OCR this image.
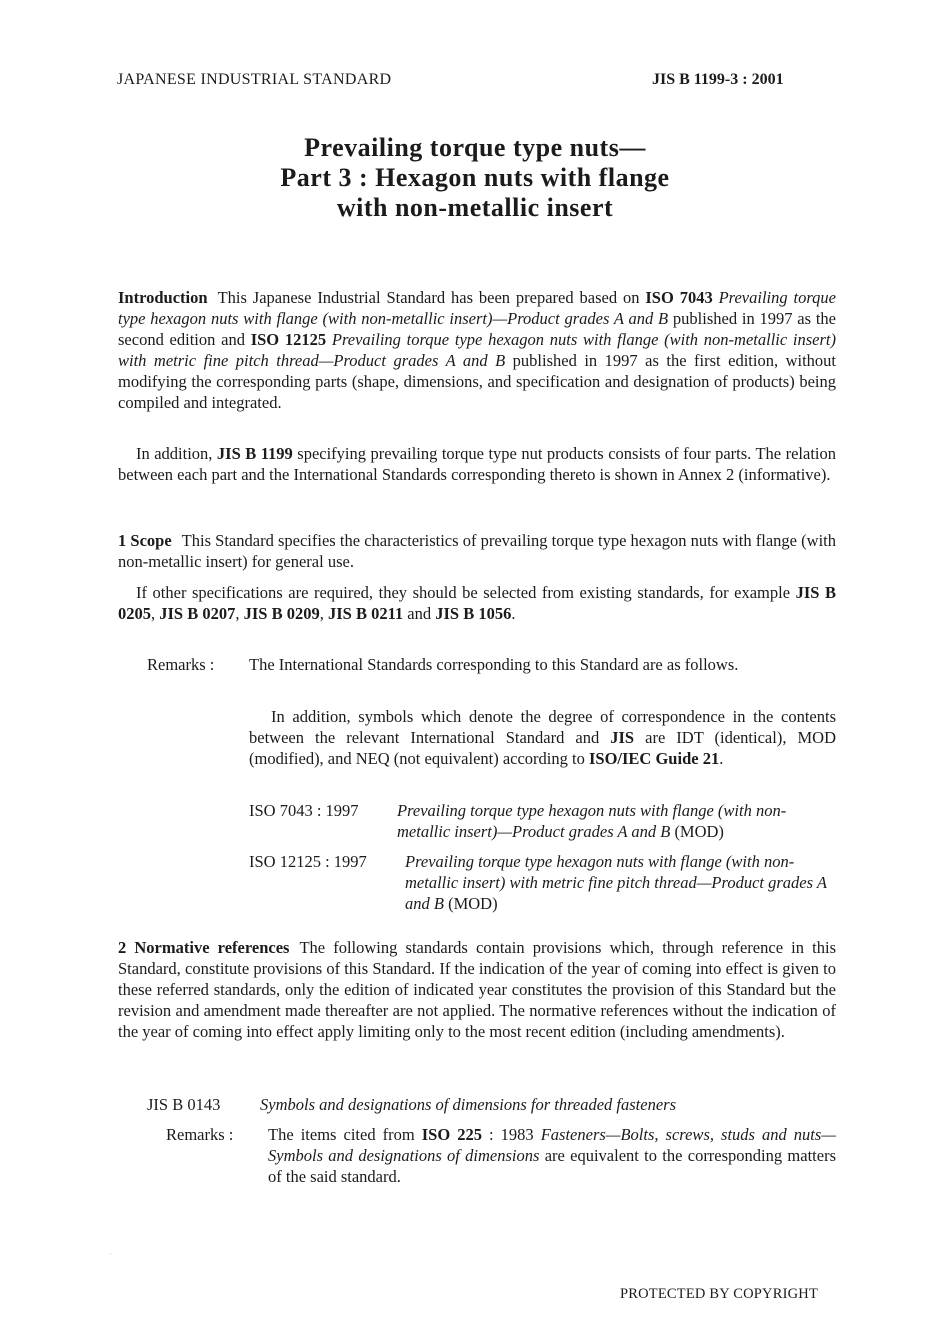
JAPANESE INDUSTRIAL STANDARD	JIS B 1199-3 : 2001
Prevailing torque type nuts—
Part 3 : Hexagon nuts with flange
with non-metallic insert
Introduction This Japanese Industrial Standard has been prepared based on ISO 7043 Prevailing torque type hexagon nuts with flange (with non-metallic insert)—Product grades A and B published in 1997 as the second edition and ISO 12125 Prevailing torque type hexagon nuts with flange (with non-metallic insert) with metric fine pitch thread—Product grades A and B published in 1997 as the first edition, without modifying the corresponding parts (shape, dimensions, and specification and designation of products) being compiled and integrated.
In addition, JIS B 1199 specifying prevailing torque type nut products consists of four parts. The relation between each part and the International Standards corresponding thereto is shown in Annex 2 (informative).
1 Scope This Standard specifies the characteristics of prevailing torque type hexagon nuts with flange (with non-metallic insert) for general use.
If other specifications are required, they should be selected from existing standards, for example JIS B 0205, JIS B 0207, JIS B 0209, JIS B 0211 and JIS B 1056.
Remarks : The International Standards corresponding to this Standard are as follows.
In addition, symbols which denote the degree of correspondence in the contents between the relevant International Standard and JIS are IDT (identical), MOD (modified), and NEQ (not equivalent) according to ISO/IEC Guide 21.
ISO 7043 : 1997 Prevailing torque type hexagon nuts with flange (with non-metallic insert)—Product grades A and B (MOD)
ISO 12125 : 1997 Prevailing torque type hexagon nuts with flange (with non-metallic insert) with metric fine pitch thread—Product grades A and B (MOD)
2 Normative references The following standards contain provisions which, through reference in this Standard, constitute provisions of this Standard. If the indication of the year of coming into effect is given to these referred standards, only the edition of indicated year constitutes the provision of this Standard but the revision and amendment made thereafter are not applied. The normative references without the indication of the year of coming into effect apply limiting only to the most recent edition (including amendments).
JIS B 0143 Symbols and designations of dimensions for threaded fasteners
Remarks : The items cited from ISO 225 : 1983 Fasteners—Bolts, screws, studs and nuts—Symbols and designations of dimensions are equivalent to the corresponding matters of the said standard.
PROTECTED BY COPYRIGHT
